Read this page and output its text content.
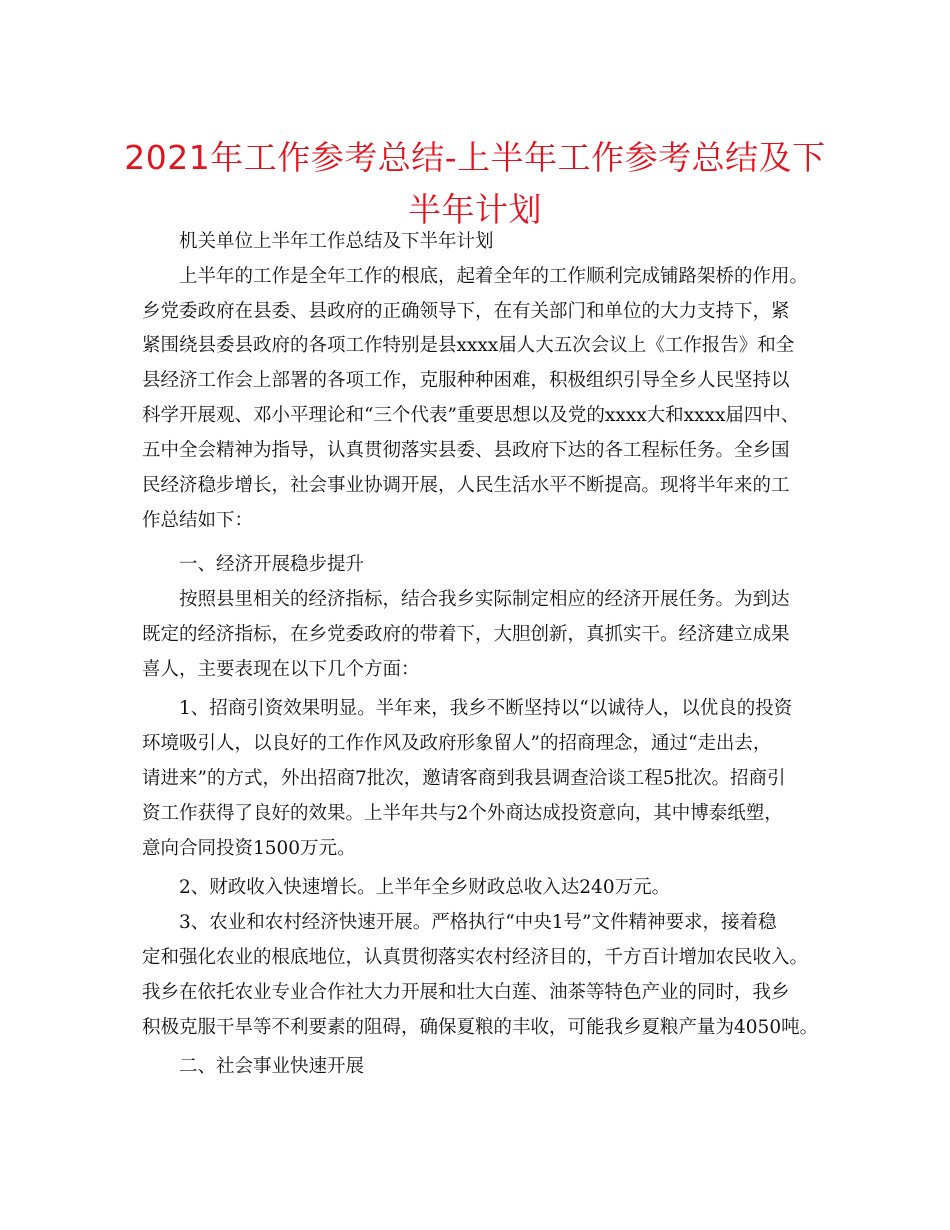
2021年工作参考总结-上半年工作参考总结及下
半年计划
机关单位上半年工作总结及下半年计划
上半年的工作是全年工作的根底，起着全年的工作顺利完成铺路架桥的作用。
乡党委政府在县委、县政府的正确领导下，在有关部门和单位的大力支持下，紧
紧围绕县委县政府的各项工作特别是县xxxx届人大五次会议上《工作报告》和全
县经济工作会上部署的各项工作，克服种种困难，积极组织引导全乡人民坚持以
科学开展观、邓小平理论和“三个代表”重要思想以及党的xxxx大和xxxx届四中、
五中全会精神为指导，认真贯彻落实县委、县政府下达的各工程标任务。全乡国
民经济稳步增长，社会事业协调开展，人民生活水平不断提高。现将半年来的工
作总结如下：
一、经济开展稳步提升
按照县里相关的经济指标，结合我乡实际制定相应的经济开展任务。为到达
既定的经济指标，在乡党委政府的带着下，大胆创新，真抓实干。经济建立成果
喜人，主要表现在以下几个方面：
1、招商引资效果明显。半年来，我乡不断坚持以“以诚待人，以优良的投资
环境吸引人，以良好的工作作风及政府形象留人”的招商理念，通过“走出去，
请进来”的方式，外出招商7批次，邀请客商到我县调查洽谈工程5批次。招商引
资工作获得了良好的效果。上半年共与2个外商达成投资意向，其中博泰纸塑，
意向合同投资1500万元。
2、财政收入快速增长。上半年全乡财政总收入达240万元。
3、农业和农村经济快速开展。严格执行“中央1号”文件精神要求，接着稳
定和强化农业的根底地位，认真贯彻落实农村经济目的，千方百计增加农民收入。
我乡在依托农业专业合作社大力开展和壮大白莲、油茶等特色产业的同时，我乡
积极克服干旱等不利要素的阻碍，确保夏粮的丰收，可能我乡夏粮产量为4050吨。
二、社会事业快速开展
